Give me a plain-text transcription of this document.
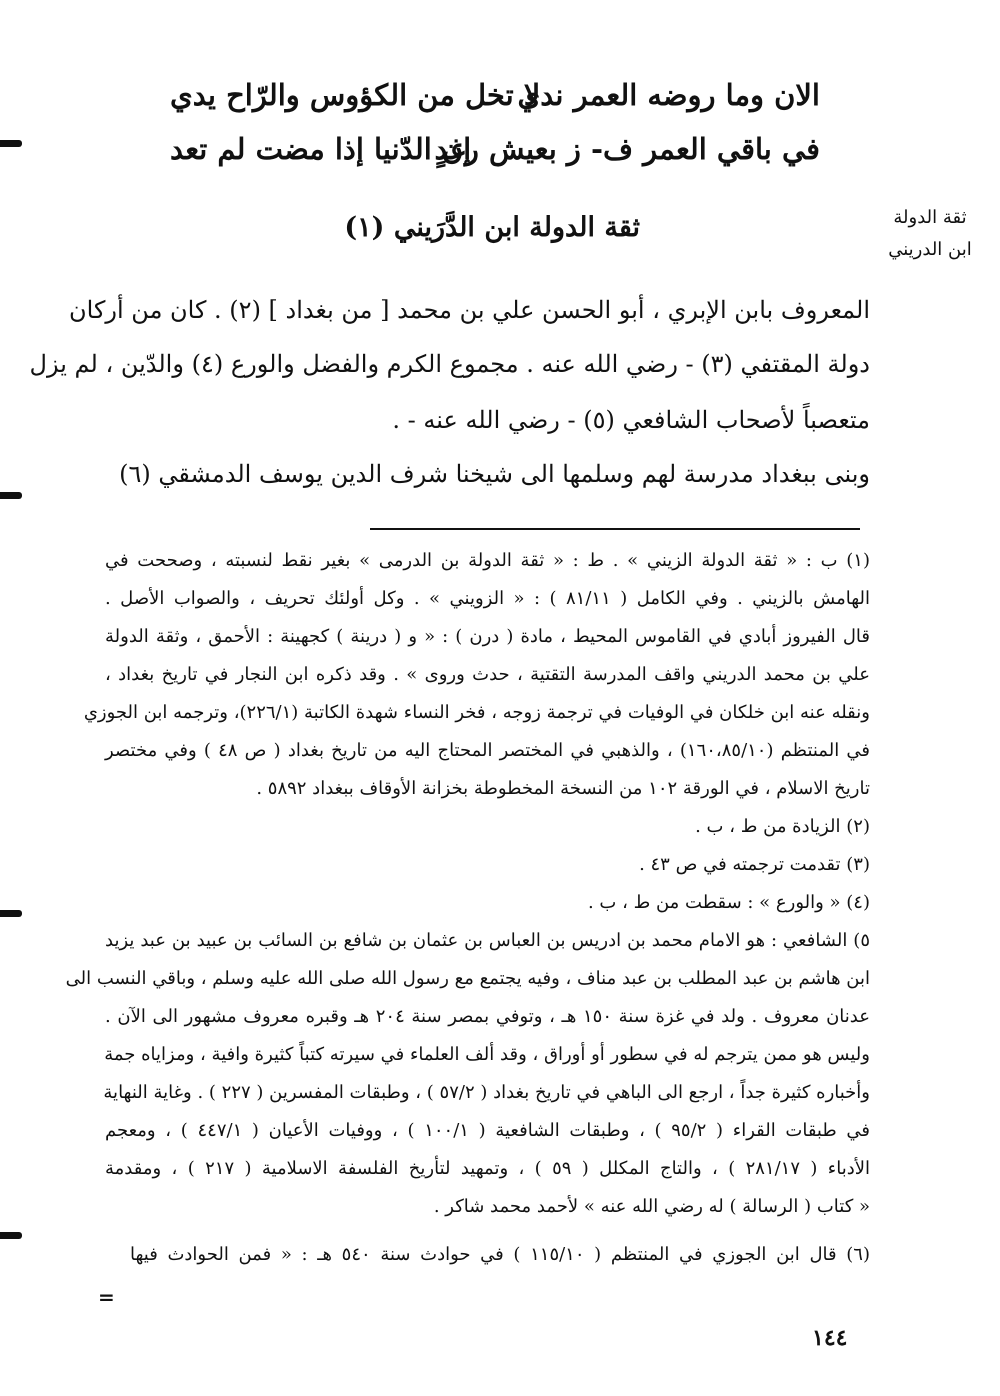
الان وما روضه العمر ندي
لا تخل من الكؤوس والرّاح يدي
في باقي العمر ف- ز بعيش رغدٍ
إن الدّنيا إذا مضت لم تعد
ثقة الدولة ابن الدَّرَيني (١)	ثقة الدولة
ابن الدريني
المعروف بابن الإبري ، أبو الحسن علي بن محمد [ من بغداد ] (٢) . كان من أركان
دولة المقتفي (٣) - رضي الله عنه . مجموع الكرم والفضل والورع (٤) والدّين ، لم يزل
متعصباً لأصحاب الشافعي (٥) - رضي الله عنه - .
وبنى ببغداد مدرسة لهم وسلمها الى شيخنا شرف الدين يوسف الدمشقي (٦)
(١) ب : « ثقة الدولة الزيني » . ط : « ثقة الدولة بن الدرمى » بغير نقط لنسبته ، وصححت في
الهامش بالزيني . وفي الكامل ( ٨١/١١ ) : « الزويني » . وكل أولئك تحريف ، والصواب الأصل .
قال الفيروز أبادي في القاموس المحيط ، مادة ( درن ) : « و ( درينة ) كجهينة : الأحمق ، وثقة الدولة
علي بن محمد الدريني واقف المدرسة التقتية ، حدث وروى » . وقد ذكره ابن النجار في تاريخ بغداد ،
ونقله عنه ابن خلكان في الوفيات في ترجمة زوجه ، فخر النساء شهدة الكاتبة (٢٢٦/١)، وترجمه ابن الجوزي
في المنتظم (١٦٠،٨٥/١٠) ، والذهبي في المختصر المحتاج اليه من تاريخ بغداد ( ص ٤٨ ) وفي مختصر
تاريخ الاسلام ، في الورقة ١٠٢ من النسخة المخطوطة بخزانة الأوقاف ببغداد ٥٨٩٢ .
(٢) الزيادة من ط ، ب .
(٣) تقدمت ترجمته في ص ٤٣ .
(٤) « والورع » : سقطت من ط ، ب .
٥) الشافعي : هو الامام محمد بن ادريس بن العباس بن عثمان بن شافع بن السائب بن عبيد بن عبد يزيد
ابن هاشم بن عبد المطلب بن عبد مناف ، وفيه يجتمع مع رسول الله صلى الله عليه وسلم ، وباقي النسب الى
عدنان معروف . ولد في غزة سنة ١٥٠ هـ ، وتوفي بمصر سنة ٢٠٤ هـ وقبره معروف مشهور الى الآن .
وليس هو ممن يترجم له في سطور أو أوراق ، وقد ألف العلماء في سيرته كتباً كثيرة وافية ، ومزاياه جمة
وأخباره كثيرة جداً ، ارجع الى الباهي في تاريخ بغداد ( ٥٧/٢ ) ، وطبقات المفسرين ( ٢٢٧ ) . وغاية النهاية
في طبقات القراء ( ٩٥/٢ ) ، وطبقات الشافعية ( ١٠٠/١ ) ، ووفيات الأعيان ( ٤٤٧/١ ) ، ومعجم
الأدباء ( ٢٨١/١٧ ) ، والتاج المكلل ( ٥٩ ) ، وتمهيد لتأريخ الفلسفة الاسلامية ( ٢١٧ ) ، ومقدمة
« كتاب ( الرسالة ) له رضي الله عنه » لأحمد محمد شاكر .
(٦) قال ابن الجوزي في المنتظم ( ١١٥/١٠ ) في حوادث سنة ٥٤٠ هـ : « فمن الحوادث فيها
=
١٤٤
